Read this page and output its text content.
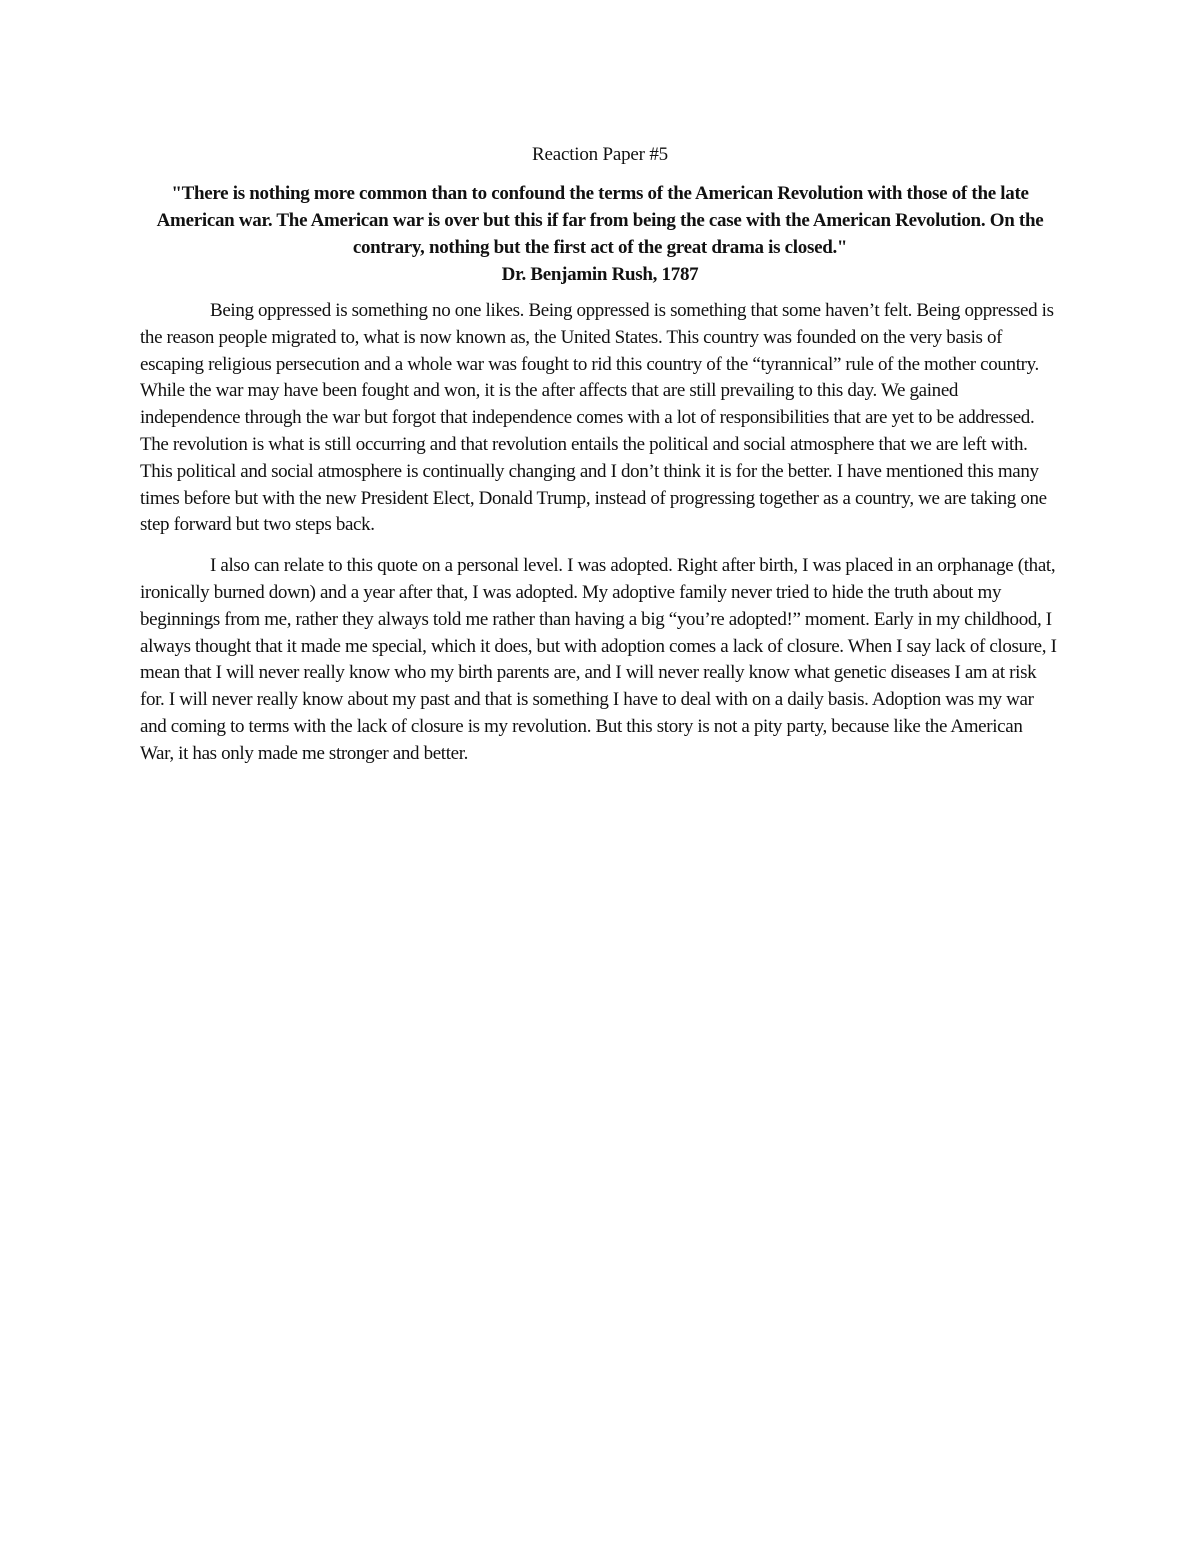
Reaction Paper #5

"There is nothing more common than to confound the terms of the American Revolution with those of the late American war. The American war is over but this if far from being the case with the American Revolution. On the contrary, nothing but the first act of the great drama is closed."

Dr. Benjamin Rush, 1787

Being oppressed is something no one likes. Being oppressed is something that some haven’t felt. Being oppressed is the reason people migrated to, what is now known as, the United States. This country was founded on the very basis of escaping religious persecution and a whole war was fought to rid this country of the “tyrannical” rule of the mother country. While the war may have been fought and won, it is the after affects that are still prevailing to this day. We gained independence through the war but forgot that independence comes with a lot of responsibilities that are yet to be addressed. The revolution is what is still occurring and that revolution entails the political and social atmosphere that we are left with. This political and social atmosphere is continually changing and I don’t think it is for the better. I have mentioned this many times before but with the new President Elect, Donald Trump, instead of progressing together as a country, we are taking one step forward but two steps back.

I also can relate to this quote on a personal level. I was adopted. Right after birth, I was placed in an orphanage (that, ironically burned down) and a year after that, I was adopted. My adoptive family never tried to hide the truth about my beginnings from me, rather they always told me rather than having a big “you’re adopted!” moment. Early in my childhood, I always thought that it made me special, which it does, but with adoption comes a lack of closure. When I say lack of closure, I mean that I will never really know who my birth parents are, and I will never really know what genetic diseases I am at risk for. I will never really know about my past and that is something I have to deal with on a daily basis. Adoption was my war and coming to terms with the lack of closure is my revolution. But this story is not a pity party, because like the American War, it has only made me stronger and better.
